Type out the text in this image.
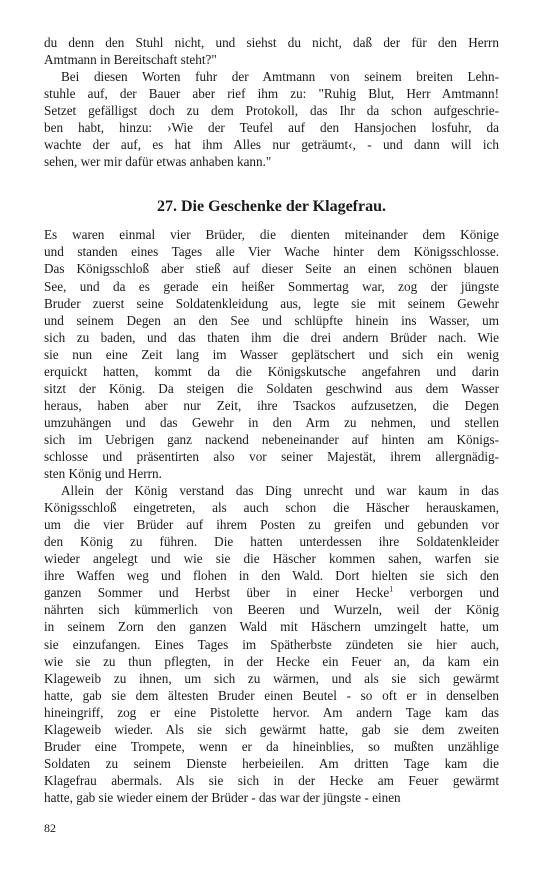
du denn den Stuhl nicht, und siehst du nicht, daß der für den Herrn
Amtmann in Bereitschaft steht?"
Bei diesen Worten fuhr der Amtmann von seinem breiten Lehn-
stuhle auf, der Bauer aber rief ihm zu: "Ruhig Blut, Herr Amtmann!
Setzet gefälligst doch zu dem Protokoll, das Ihr da schon aufgeschrie-
ben habt, hinzu: ›Wie der Teufel auf den Hansjochen losfuhr, da
wachte der auf, es hat ihm Alles nur geträumt‹, - und dann will ich
sehen, wer mir dafür etwas anhaben kann."
27. Die Geschenke der Klagefrau.
Es waren einmal vier Brüder, die dienten miteinander dem Könige
und standen eines Tages alle Vier Wache hinter dem Königsschlosse.
Das Königsschloß aber stieß auf dieser Seite an einen schönen blauen
See, und da es gerade ein heißer Sommertag war, zog der jüngste
Bruder zuerst seine Soldatenkleidung aus, legte sie mit seinem Gewehr
und seinem Degen an den See und schlüpfte hinein ins Wasser, um
sich zu baden, und das thaten ihm die drei andern Brüder nach. Wie
sie nun eine Zeit lang im Wasser geplätschert und sich ein wenig
erquickt hatten, kommt da die Königskutsche angefahren und darin
sitzt der König. Da steigen die Soldaten geschwind aus dem Wasser
heraus, haben aber nur Zeit, ihre Tsackos aufzusetzen, die Degen
umzuhängen und das Gewehr in den Arm zu nehmen, und stellen
sich im Uebrigen ganz nackend nebeneinander auf hinten am Königs-
schlosse und präsentirten also vor seiner Majestät, ihrem allergnädig-
sten König und Herrn.
Allein der König verstand das Ding unrecht und war kaum in das
Königsschloß eingetreten, als auch schon die Häscher herauskamen,
um die vier Brüder auf ihrem Posten zu greifen und gebunden vor
den König zu führen. Die hatten unterdessen ihre Soldatenkleider
wieder angelegt und wie sie die Häscher kommen sahen, warfen sie
ihre Waffen weg und flohen in den Wald. Dort hielten sie sich den
ganzen Sommer und Herbst über in einer Hecke$^1$ verborgen und
nährten sich kümmerlich von Beeren und Wurzeln, weil der König
in seinem Zorn den ganzen Wald mit Häschern umzingelt hatte, um
sie einzufangen. Eines Tages im Spätherbste zündeten sie hier auch,
wie sie zu thun pflegten, in der Hecke ein Feuer an, da kam ein
Klageweib zu ihnen, um sich zu wärmen, und als sie sich gewärmt
hatte, gab sie dem ältesten Bruder einen Beutel - so oft er in denselben
hineingriff, zog er eine Pistolette hervor. Am andern Tage kam das
Klageweib wieder. Als sie sich gewärmt hatte, gab sie dem zweiten
Bruder eine Trompete, wenn er da hineinblies, so mußten unzählige
Soldaten zu seinem Dienste herbeieilen. Am dritten Tage kam die
Klagefrau abermals. Als sie sich in der Hecke am Feuer gewärmt
hatte, gab sie wieder einem der Brüder - das war der jüngste - einen
82
